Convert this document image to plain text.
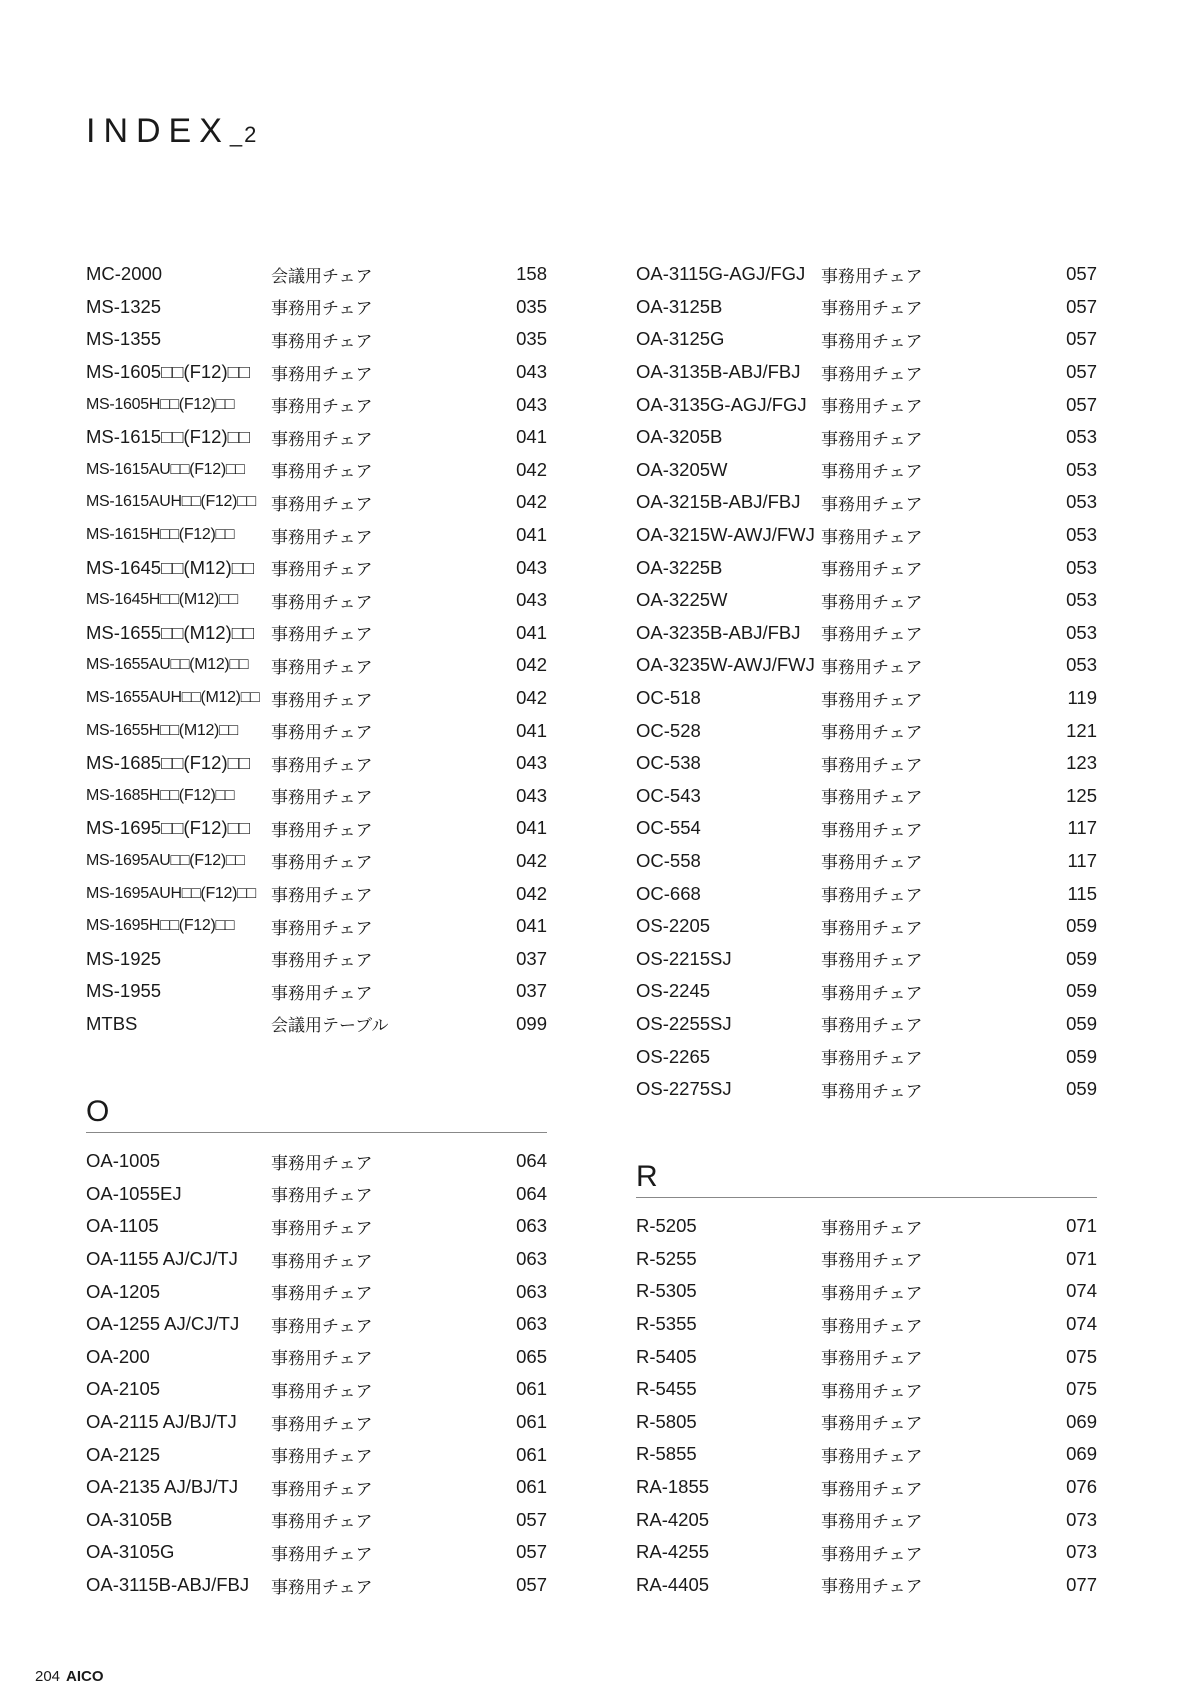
INDEX_2
MC-2000	会議用チェア	158
MS-1325	事務用チェア	035
MS-1355	事務用チェア	035
MS-1605□□(F12)□□	事務用チェア	043
MS-1605H□□(F12)□□	事務用チェア	043
MS-1615□□(F12)□□	事務用チェア	041
MS-1615AU□□(F12)□□	事務用チェア	042
MS-1615AUH□□(F12)□□ 事務用チェア	042
MS-1615H□□(F12)□□	事務用チェア	041
MS-1645□□(M12)□□ 事務用チェア	043
MS-1645H□□(M12)□□	事務用チェア	043
MS-1655□□(M12)□□ 事務用チェア	041
MS-1655AU□□(M12)□□	事務用チェア	042
MS-1655AUH□□(M12)□□ 事務用チェア	042
MS-1655H□□(M12)□□	事務用チェア	041
MS-1685□□(F12)□□	事務用チェア	043
MS-1685H□□(F12)□□	事務用チェア	043
MS-1695□□(F12)□□	事務用チェア	041
MS-1695AU□□(F12)□□	事務用チェア	042
MS-1695AUH□□(F12)□□ 事務用チェア	042
MS-1695H□□(F12)□□	事務用チェア	041
MS-1925	事務用チェア	037
MS-1955	事務用チェア	037
MTBS	会議用テーブル	099
O
OA-1005	事務用チェア	064
OA-1055EJ	事務用チェア	064
OA-1105	事務用チェア	063
OA-1155 AJ/CJ/TJ	事務用チェア	063
OA-1205	事務用チェア	063
OA-1255 AJ/CJ/TJ	事務用チェア	063
OA-200	事務用チェア	065
OA-2105	事務用チェア	061
OA-2115 AJ/BJ/TJ	事務用チェア	061
OA-2125	事務用チェア	061
OA-2135 AJ/BJ/TJ	事務用チェア	061
OA-3105B	事務用チェア	057
OA-3105G	事務用チェア	057
OA-3115B-ABJ/FBJ	事務用チェア	057
OA-3115G-AGJ/FGJ 事務用チェア	057
OA-3125B	事務用チェア	057
OA-3125G	事務用チェア	057
OA-3135B-ABJ/FBJ	事務用チェア	057
OA-3135G-AGJ/FGJ 事務用チェア	057
OA-3205B	事務用チェア	053
OA-3205W	事務用チェア	053
OA-3215B-ABJ/FBJ	事務用チェア	053
OA-3215W-AWJ/FWJ 事務用チェア	053
OA-3225B	事務用チェア	053
OA-3225W	事務用チェア	053
OA-3235B-ABJ/FBJ	事務用チェア	053
OA-3235W-AWJ/FWJ 事務用チェア	053
OC-518	事務用チェア	119
OC-528	事務用チェア	121
OC-538	事務用チェア	123
OC-543	事務用チェア	125
OC-554	事務用チェア	117
OC-558	事務用チェア	117
OC-668	事務用チェア	115
OS-2205	事務用チェア	059
OS-2215SJ	事務用チェア	059
OS-2245	事務用チェア	059
OS-2255SJ	事務用チェア	059
OS-2265	事務用チェア	059
OS-2275SJ	事務用チェア	059
R
R-5205	事務用チェア	071
R-5255	事務用チェア	071
R-5305	事務用チェア	074
R-5355	事務用チェア	074
R-5405	事務用チェア	075
R-5455	事務用チェア	075
R-5805	事務用チェア	069
R-5855	事務用チェア	069
RA-1855	事務用チェア	076
RA-4205	事務用チェア	073
RA-4255	事務用チェア	073
RA-4405	事務用チェア	077
204 AICO
